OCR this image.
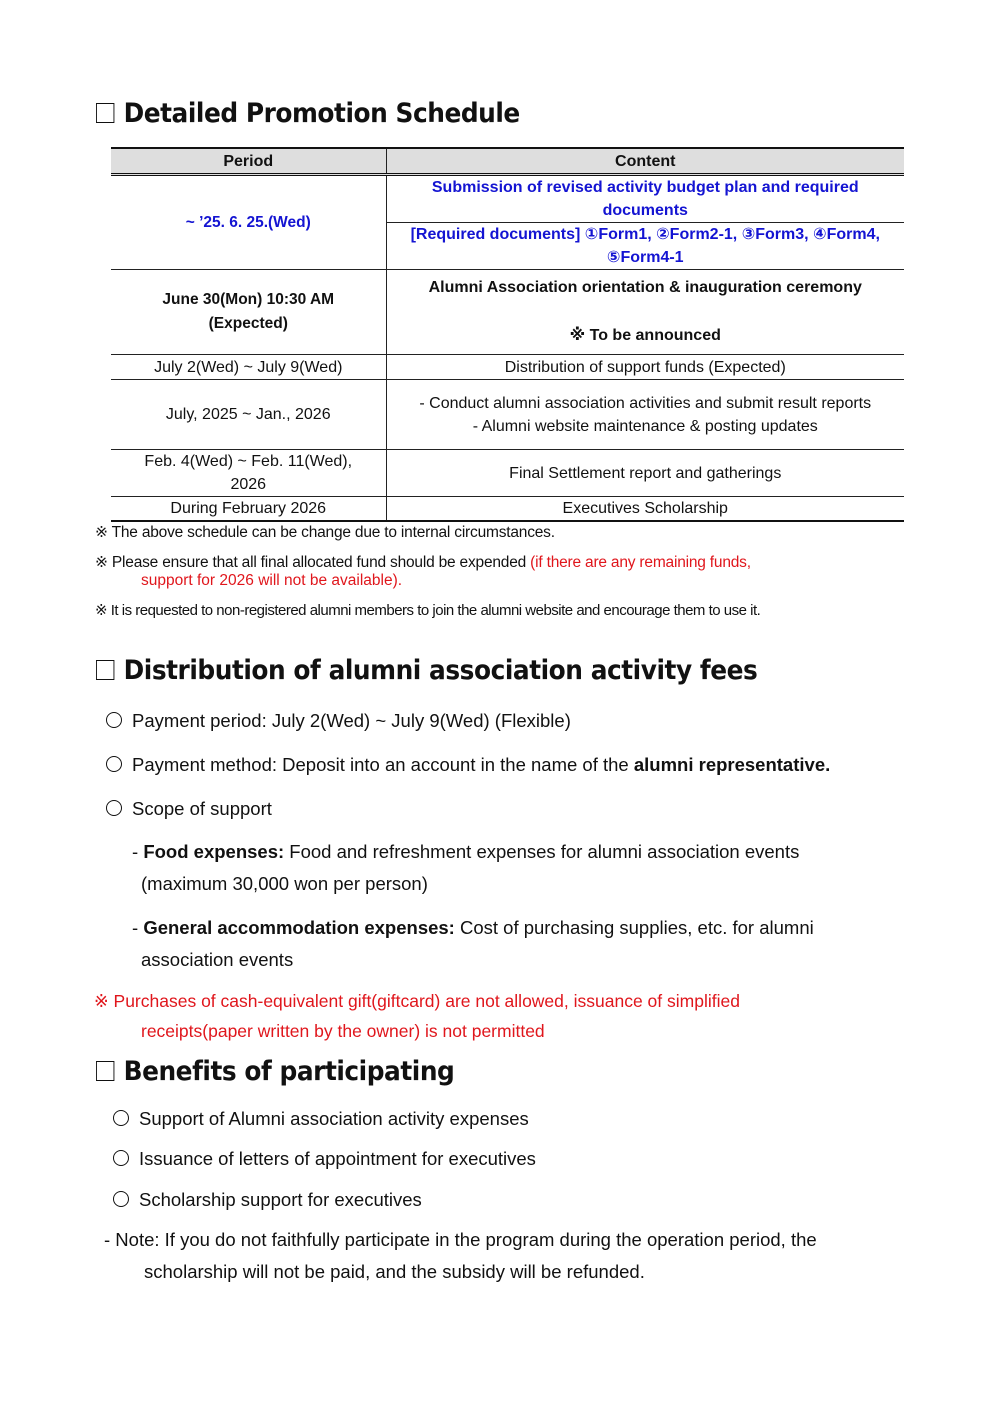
Detailed Promotion Schedule
Period	Content
~ ’25. 6. 25.(Wed)	Submission of revised activity budget plan and required documents
	[Required documents] ①Form1, ②Form2-1, ③Form3, ④Form4, ⑤Form4-1
June 30(Mon) 10:30 AM (Expected)	Alumni Association orientation & inauguration ceremony
※ To be announced

July 2(Wed) ~ July 9(Wed)	Distribution of support funds (Expected)
July, 2025 ~ Jan., 2026	- Conduct alumni association activities and submit result reports
- Alumni website maintenance & posting updates

Feb. 4(Wed) ~ Feb. 11(Wed), 2026	Final Settlement report and gatherings
During February 2026	Executives Scholarship
※ The above schedule can be change due to internal circumstances.
※ Please ensure that all final allocated fund should be expended (if there are any remaining funds,
support for 2026 will not be available).
※ It is requested to non-registered alumni members to join the alumni website and encourage them to use it.
Distribution of alumni association activity fees
Payment period: July 2(Wed) ~ July 9(Wed) (Flexible)
Payment method: Deposit into an account in the name of the alumni representative.
Scope of support
- Food expenses: Food and refreshment expenses for alumni association events
(maximum 30,000 won per person)
- General accommodation expenses: Cost of purchasing supplies, etc. for alumni
association events
※ Purchases of cash-equivalent gift(giftcard) are not allowed, issuance of simplified
receipts(paper written by the owner) is not permitted
Benefits of participating
Support of Alumni association activity expenses
Issuance of letters of appointment for executives
Scholarship support for executives
- Note: If you do not faithfully participate in the program during the operation period, the
scholarship will not be paid, and the subsidy will be refunded.
